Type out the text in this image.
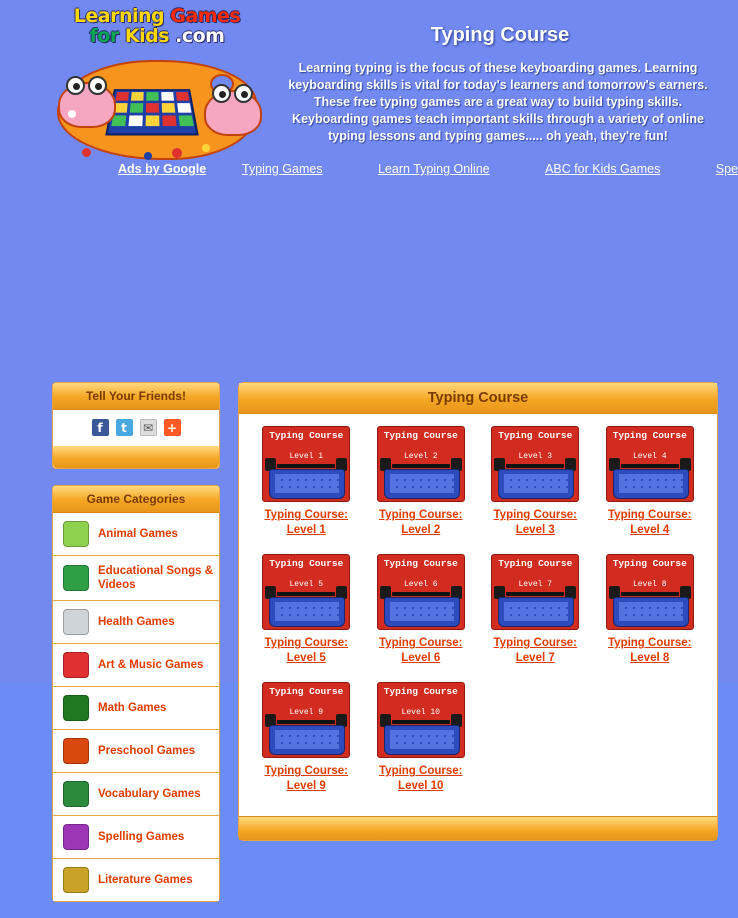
Learning Games
for Kids .com	Typing Course
Learning typing is the focus of these keyboarding games. Learning keyboarding skills is vital for today's learners and tomorrow's earners. These free typing games are a great way to build typing skills. Keyboarding games teach important skills through a variety of online typing lessons and typing games..... oh yeah, they're fun!
Ads by Google	Typing Games	Learn Typing Online	ABC for Kids Games	Spe
Tell Your Friends!
f	t	✉ +
Game Categories
Animal Games
Educational Songs & Videos
Health Games
Art & Music Games
Math Games
Preschool Games
Vocabulary Games
Spelling Games
Literature Games
Typing Course
Typing Course
Level 1
Typing Course:
Level 1
Typing Course
Level 2
Typing Course:
Level 2
Typing Course
Level 3
Typing Course:
Level 3
Typing Course
Level 4
Typing Course:
Level 4
Typing Course
Level 5
Typing Course:
Level 5
Typing Course
Level 6
Typing Course:
Level 6
Typing Course
Level 7
Typing Course:
Level 7
Typing Course
Level 8
Typing Course:
Level 8
Typing Course
Level 9
Typing Course:
Level 9
Typing Course
Level 10
Typing Course:
Level 10
